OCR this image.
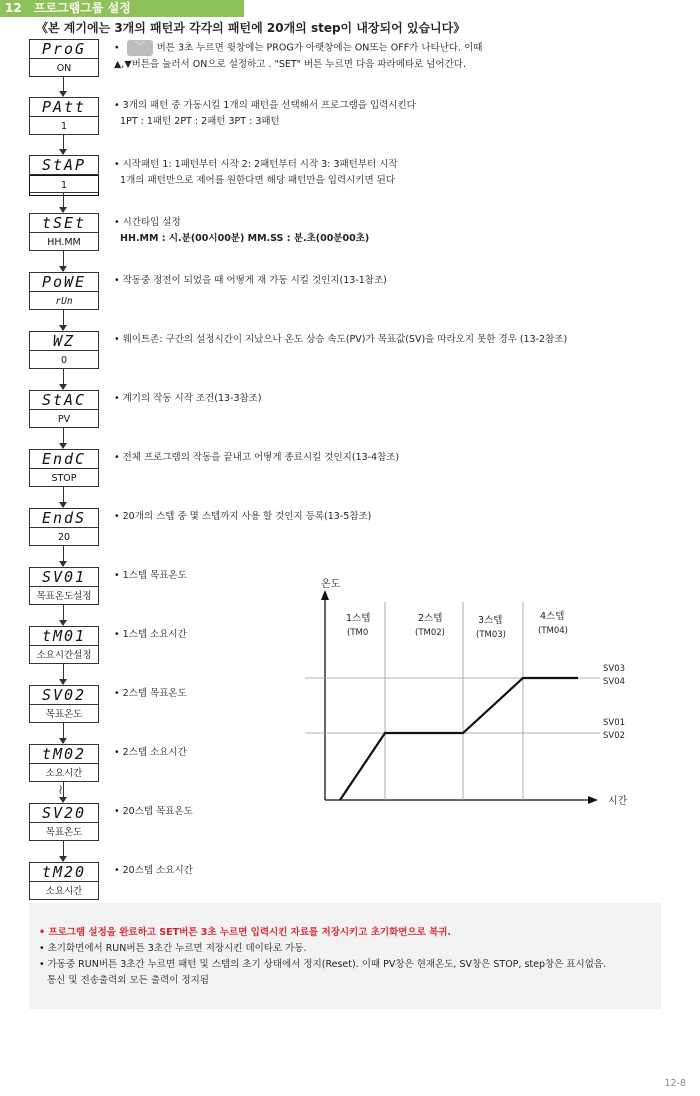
12 프로그램그룹 설정
《본 계기에는 3개의 패턴과 각각의 패턴에 20개의 step이 내장되어 있습니다》
ProG
ON
• ﹀ 버튼 3초 누르면 윗창에는 PROG가 아랫창에는 ON또는 OFF가 나타난다. 이때
▲,▼버튼을 눌러서 ON으로 설정하고 . "SET" 버튼 누르면 다음 파라메타로 넘어간다.
PAtt
1
• 3개의 패턴 중 가동시킬 1개의 패턴을 선택해서 프로그램을 입력시킨다
1PT : 1패턴 2PT : 2패턴 3PT : 3패턴
StAP
1
• 시작패턴 1: 1패턴부터 시작 2: 2패턴부터 시작 3: 3패턴부터 시작
1개의 패턴만으로 제어를 원한다면 해당 패턴만을 입력시키면 된다
tSEt
HH.MM
• 시간타입 설정
HH.MM : 시.분(00시00분) MM.SS : 분.초(00분00초)
PoWE
rUn
• 작동중 정전이 되었을 때 어떻게 재 가동 시킬 것인지(13-1참조)
WZ
0
• 웨이트존: 구간의 설정시간이 지났으나 온도 상승 속도(PV)가 목표값(SV)을 따라오지 못한 경우 (13-2참조)
StAC
PV
• 계기의 작동 시작 조건(13-3참조)
EndC
STOP
• 전체 프로그램의 작동을 끝내고 어떻게 종료시킬 것인지(13-4참조)
EndS
20
• 20개의 스텝 중 몇 스텝까지 사용 할 것인지 등록(13-5참조)
SV01
목표온도설정
• 1스텝 목표온도
tM01
소요시간설정
• 1스텝 소요시간
SV02
목표온도
• 2스텝 목표온도
tM02
소요시간
• 2스텝 소요시간
≀
SV20
목표온도
• 20스텝 목표온도
tM20
소요시간
• 20스텝 소요시간
온도
시간
1스텝
(TM0
2스텝
(TM02)
3스텝
(TM03)
4스텝
(TM04)
SV03
SV04
SV01
SV02
• 프로그램 설정을 완료하고 SET버튼 3초 누르면 입력시킨 자료를 저장시키고 초기화면으로 복귀.
• 초기화면에서 RUN버튼 3초간 누르면 저장시킨 데이타로 가동.
• 가동중 RUN버튼 3초간 누르면 패턴 및 스텝의 초기 상태에서 정지(Reset). 이때 PV창은 현재온도, SV창은 STOP, step창은 표시없음.
통신 및 전송출력외 모든 출력이 정지됨
12-8
